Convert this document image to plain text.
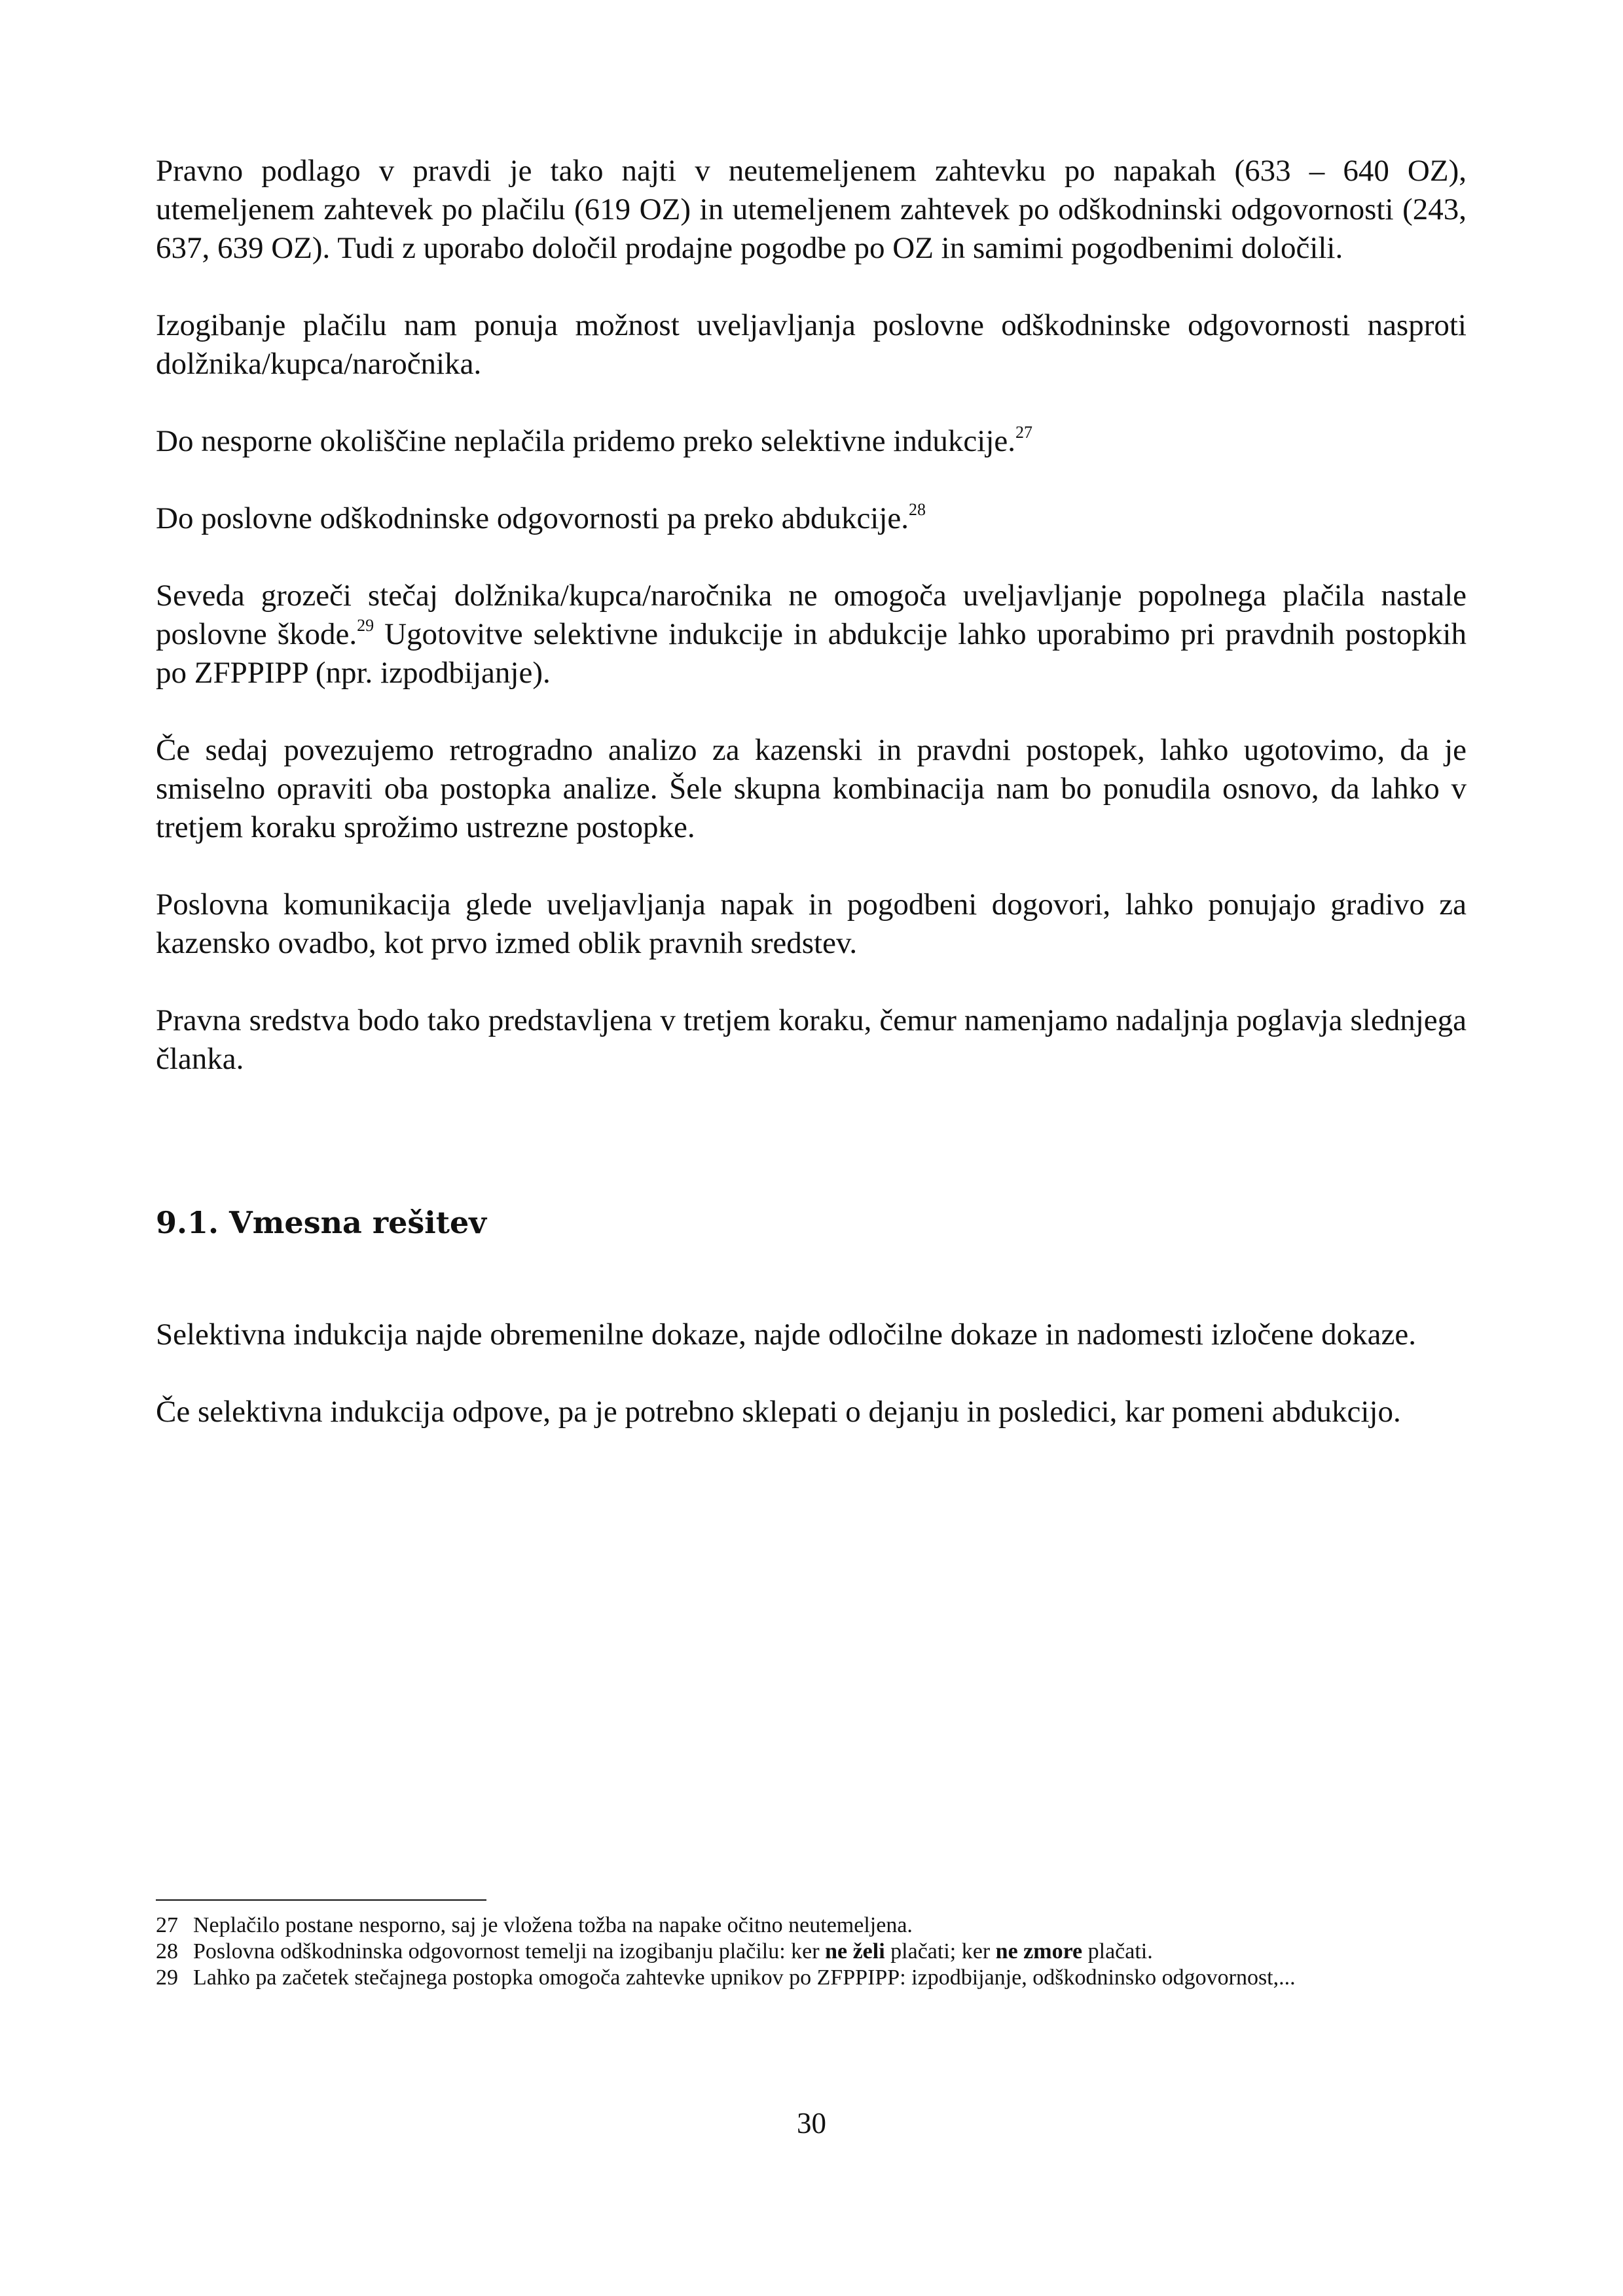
Pravno podlago v pravdi je tako najti v neutemeljenem zahtevku po napakah (633 – 640 OZ), utemeljenem zahtevek po plačilu (619 OZ) in utemeljenem zahtevek po odškodninski odgovornosti (243, 637, 639 OZ). Tudi z uporabo določil prodajne pogodbe po OZ in samimi pogodbenimi določili.

Izogibanje plačilu nam ponuja možnost uveljavljanja poslovne odškodninske odgovornosti nasproti dolžnika/kupca/naročnika.

Do nesporne okoliščine neplačila pridemo preko selektivne indukcije.$^{27}$

Do poslovne odškodninske odgovornosti pa preko abdukcije.$^{28}$

Seveda grozeči stečaj dolžnika/kupca/naročnika ne omogoča uveljavljanje popolnega plačila nastale poslovne škode.$^{29}$ Ugotovitve selektivne indukcije in abdukcije lahko uporabimo pri pravdnih postopkih po ZFPPIPP (npr. izpodbijanje).

Če sedaj povezujemo retrogradno analizo za kazenski in pravdni postopek, lahko ugotovimo, da je smiselno opraviti oba postopka analize. Šele skupna kombinacija nam bo ponudila osnovo, da lahko v tretjem koraku sprožimo ustrezne postopke.

Poslovna komunikacija glede uveljavljanja napak in pogodbeni dogovori, lahko ponujajo gradivo za kazensko ovadbo, kot prvo izmed oblik pravnih sredstev.

Pravna sredstva bodo tako predstavljena v tretjem koraku, čemur namenjamo nadaljnja poglavja slednjega članka.

9.1. Vmesna rešitev

Selektivna indukcija najde obremenilne dokaze, najde odločilne dokaze in nadomesti izločene dokaze.

Če selektivna indukcija odpove, pa je potrebno sklepati o dejanju in posledici, kar pomeni abdukcijo.

27 Neplačilo postane nesporno, saj je vložena tožba na napake očitno neutemeljena.
28 Poslovna odškodninska odgovornost temelji na izogibanju plačilu: ker ne želi plačati; ker ne zmore plačati.
29 Lahko pa začetek stečajnega postopka omogoča zahtevke upnikov po ZFPPIPP: izpodbijanje, odškodninsko odgovornost,...
30
